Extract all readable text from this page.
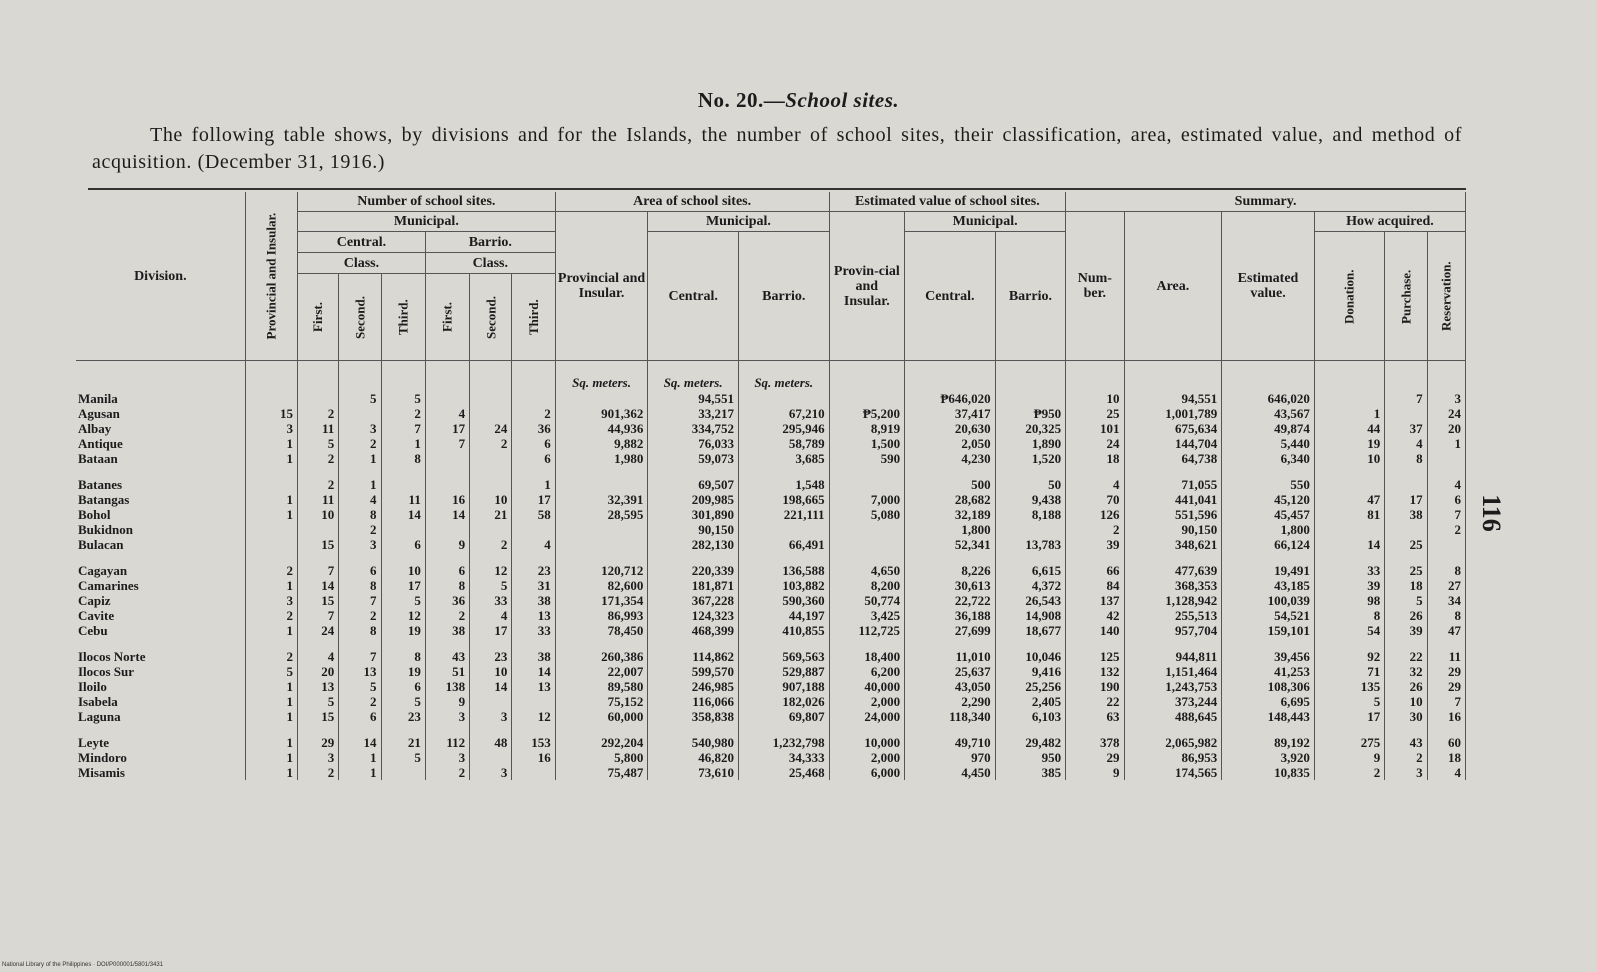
No. 20.—School sites.
The following table shows, by divisions and for the Islands, the number of school sites, their classification, area, estimated value, and method of acquisition. (December 31, 1916.)
116
Division.	Provincial and Insular.	Number of school sites.						Area of school sites.			Estimated value of school sites.			Summary.					
		Municipal.						Provincial and Insular.	Municipal.		Provin-cial and Insular.	Municipal.		Num-ber.	Area.	Estimated value.	How acquired.		
		Central.			Barrio.				Central.	Barrio.		Central.	Barrio.				Donation.	Purchase.	Reservation.
		Class.			Class.														
		First.	Second.	Third.	First.	Second.	Third.												
								Sq. meters.	Sq. meters.	Sq. meters.									
Manila			5	5					94,551			₱646,020		10	94,551	646,020		7	3
Agusan	15	2		2	4		2	901,362	33,217	67,210	₱5,200	37,417	₱950	25	1,001,789	43,567	1		24
Albay	3	11	3	7	17	24	36	44,936	334,752	295,946	8,919	20,630	20,325	101	675,634	49,874	44	37	20
Antique	1	5	2	1	7	2	6	9,882	76,033	58,789	1,500	2,050	1,890	24	144,704	5,440	19	4	1
Bataan	1	2	1	8			6	1,980	59,073	3,685	590	4,230	1,520	18	64,738	6,340	10	8	

Batanes		2	1				1		69,507	1,548		500	50	4	71,055	550			4
Batangas	1	11	4	11	16	10	17	32,391	209,985	198,665	7,000	28,682	9,438	70	441,041	45,120	47	17	6
Bohol	1	10	8	14	14	21	58	28,595	301,890	221,111	5,080	32,189	8,188	126	551,596	45,457	81	38	7
Bukidnon			2						90,150			1,800		2	90,150	1,800			2
Bulacan		15	3	6	9	2	4		282,130	66,491		52,341	13,783	39	348,621	66,124	14	25	

Cagayan	2	7	6	10	6	12	23	120,712	220,339	136,588	4,650	8,226	6,615	66	477,639	19,491	33	25	8
Camarines	1	14	8	17	8	5	31	82,600	181,871	103,882	8,200	30,613	4,372	84	368,353	43,185	39	18	27
Capiz	3	15	7	5	36	33	38	171,354	367,228	590,360	50,774	22,722	26,543	137	1,128,942	100,039	98	5	34
Cavite	2	7	2	12	2	4	13	86,993	124,323	44,197	3,425	36,188	14,908	42	255,513	54,521	8	26	8
Cebu	1	24	8	19	38	17	33	78,450	468,399	410,855	112,725	27,699	18,677	140	957,704	159,101	54	39	47

Ilocos Norte	2	4	7	8	43	23	38	260,386	114,862	569,563	18,400	11,010	10,046	125	944,811	39,456	92	22	11
Ilocos Sur	5	20	13	19	51	10	14	22,007	599,570	529,887	6,200	25,637	9,416	132	1,151,464	41,253	71	32	29
Iloilo	1	13	5	6	138	14	13	89,580	246,985	907,188	40,000	43,050	25,256	190	1,243,753	108,306	135	26	29
Isabela	1	5	2	5	9			75,152	116,066	182,026	2,000	2,290	2,405	22	373,244	6,695	5	10	7
Laguna	1	15	6	23	3	3	12	60,000	358,838	69,807	24,000	118,340	6,103	63	488,645	148,443	17	30	16

Leyte	1	29	14	21	112	48	153	292,204	540,980	1,232,798	10,000	49,710	29,482	378	2,065,982	89,192	275	43	60
Mindoro	1	3	1	5	3		16	5,800	46,820	34,333	2,000	970	950	29	86,953	3,920	9	2	18
Misamis	1	2	1		2	3		75,487	73,610	25,468	6,000	4,450	385	9	174,565	10,835	2	3	4
National Library of the Philippines · DOI/P000001/5801/3431
